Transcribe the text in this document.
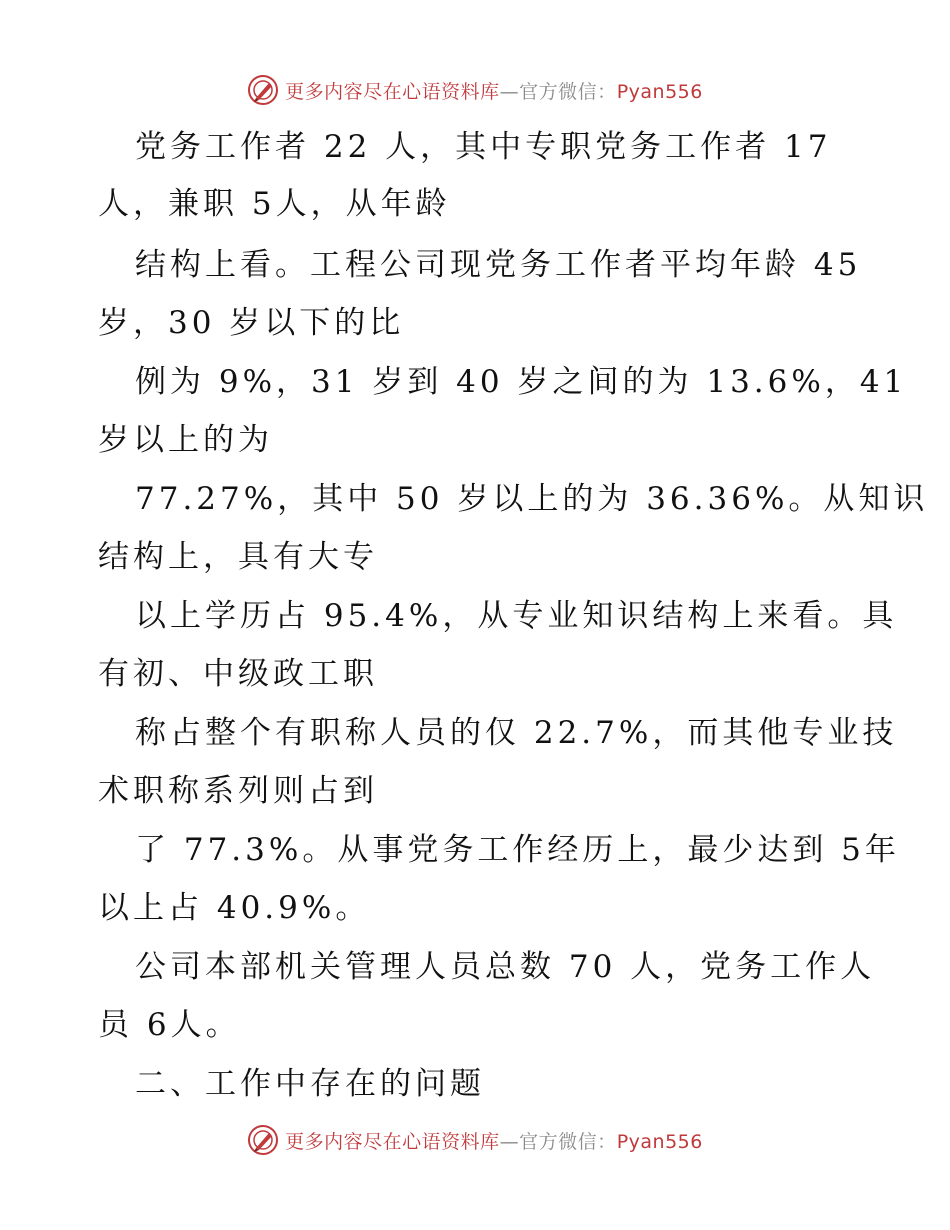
更多内容尽在心语资料库—官方微信：Pyan556
党务工作者 22 人，其中专职党务工作者 17
人，兼职 5人，从年龄
结构上看。工程公司现党务工作者平均年龄 45
岁，30 岁以下的比
例为 9%，31 岁到 40 岁之间的为 13.6%，41
岁以上的为
77.27%，其中 50 岁以上的为 36.36%。从知识
结构上，具有大专
以上学历占 95.4%，从专业知识结构上来看。具
有初、中级政工职
称占整个有职称人员的仅 22.7%，而其他专业技
术职称系列则占到
了 77.3%。从事党务工作经历上，最少达到 5年
以上占 40.9%。
公司本部机关管理人员总数 70 人，党务工作人
员 6人。
二、工作中存在的问题
更多内容尽在心语资料库—官方微信：Pyan556
